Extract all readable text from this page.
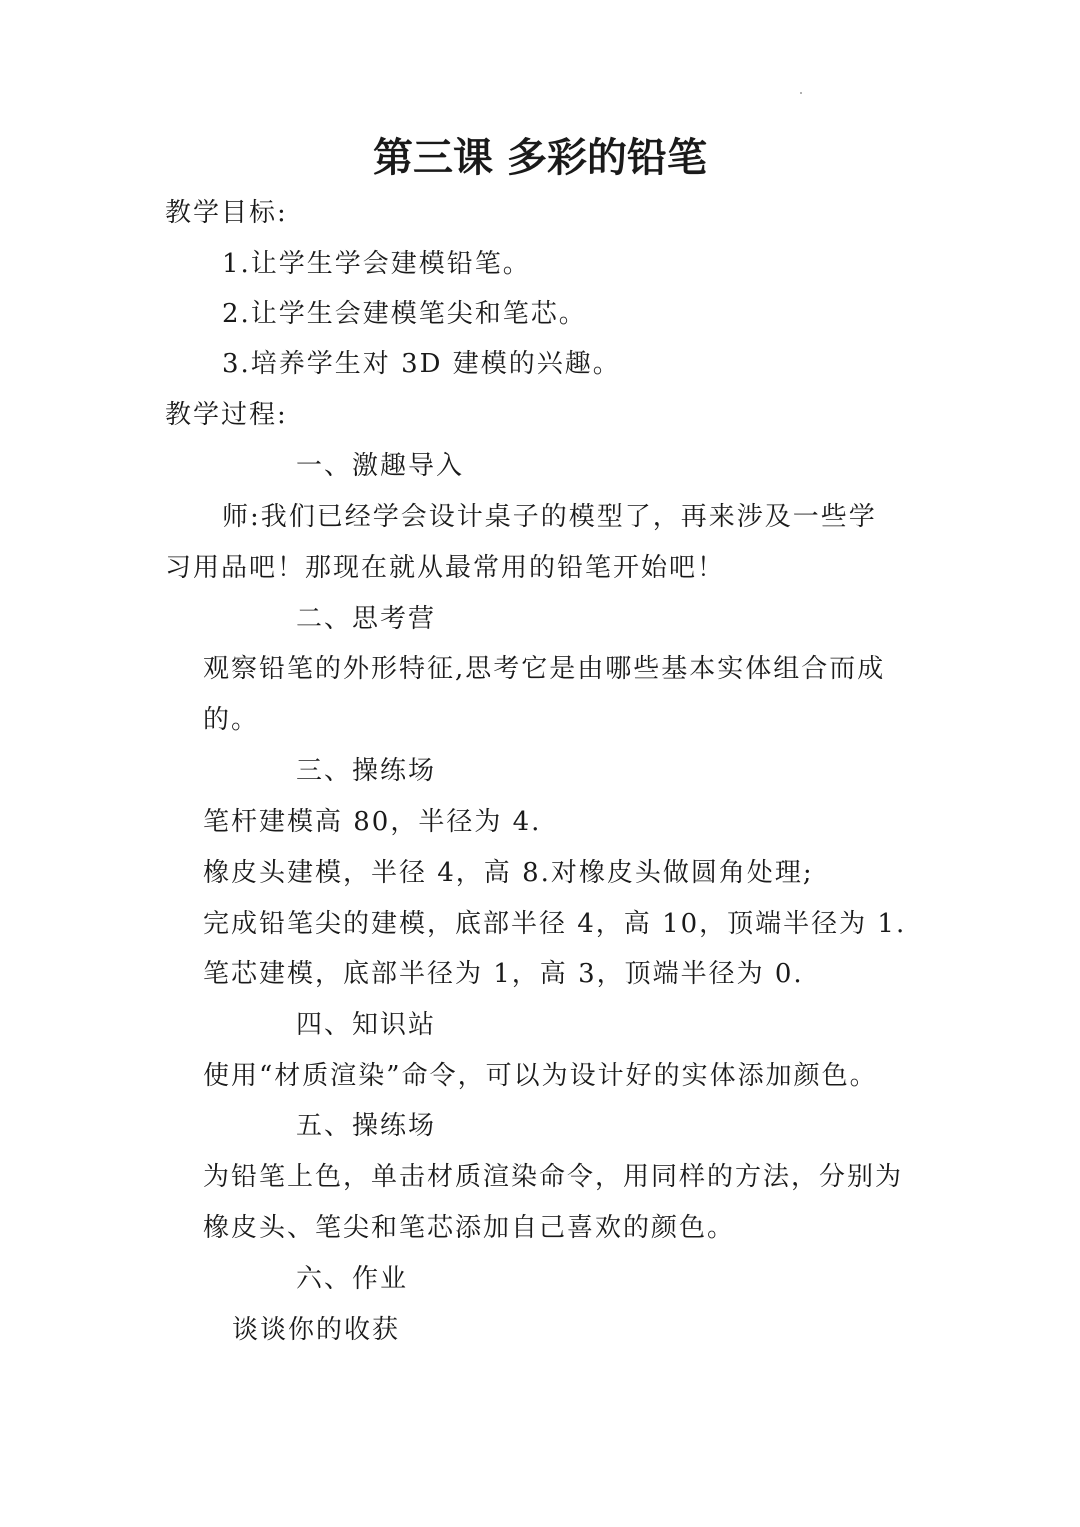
第三课 多彩的铅笔
教学目标:
1.让学生学会建模铅笔。
2.让学生会建模笔尖和笔芯。
3.培养学生对 3D 建模的兴趣。
教学过程:
一、激趣导入
师:我们已经学会设计桌子的模型了，再来涉及一些学
习用品吧！那现在就从最常用的铅笔开始吧！
二、思考营
观察铅笔的外形特征,思考它是由哪些基本实体组合而成
的。
三、操练场
笔杆建模高 80，半径为 4.
橡皮头建模，半径 4，高 8.对橡皮头做圆角处理;
完成铅笔尖的建模，底部半径 4，高 10，顶端半径为 1.
笔芯建模，底部半径为 1，高 3，顶端半径为 0.
四、知识站
使用“材质渲染”命令，可以为设计好的实体添加颜色。
五、操练场
为铅笔上色，单击材质渲染命令，用同样的方法，分别为
橡皮头、笔尖和笔芯添加自己喜欢的颜色。
六、作业
谈谈你的收获
